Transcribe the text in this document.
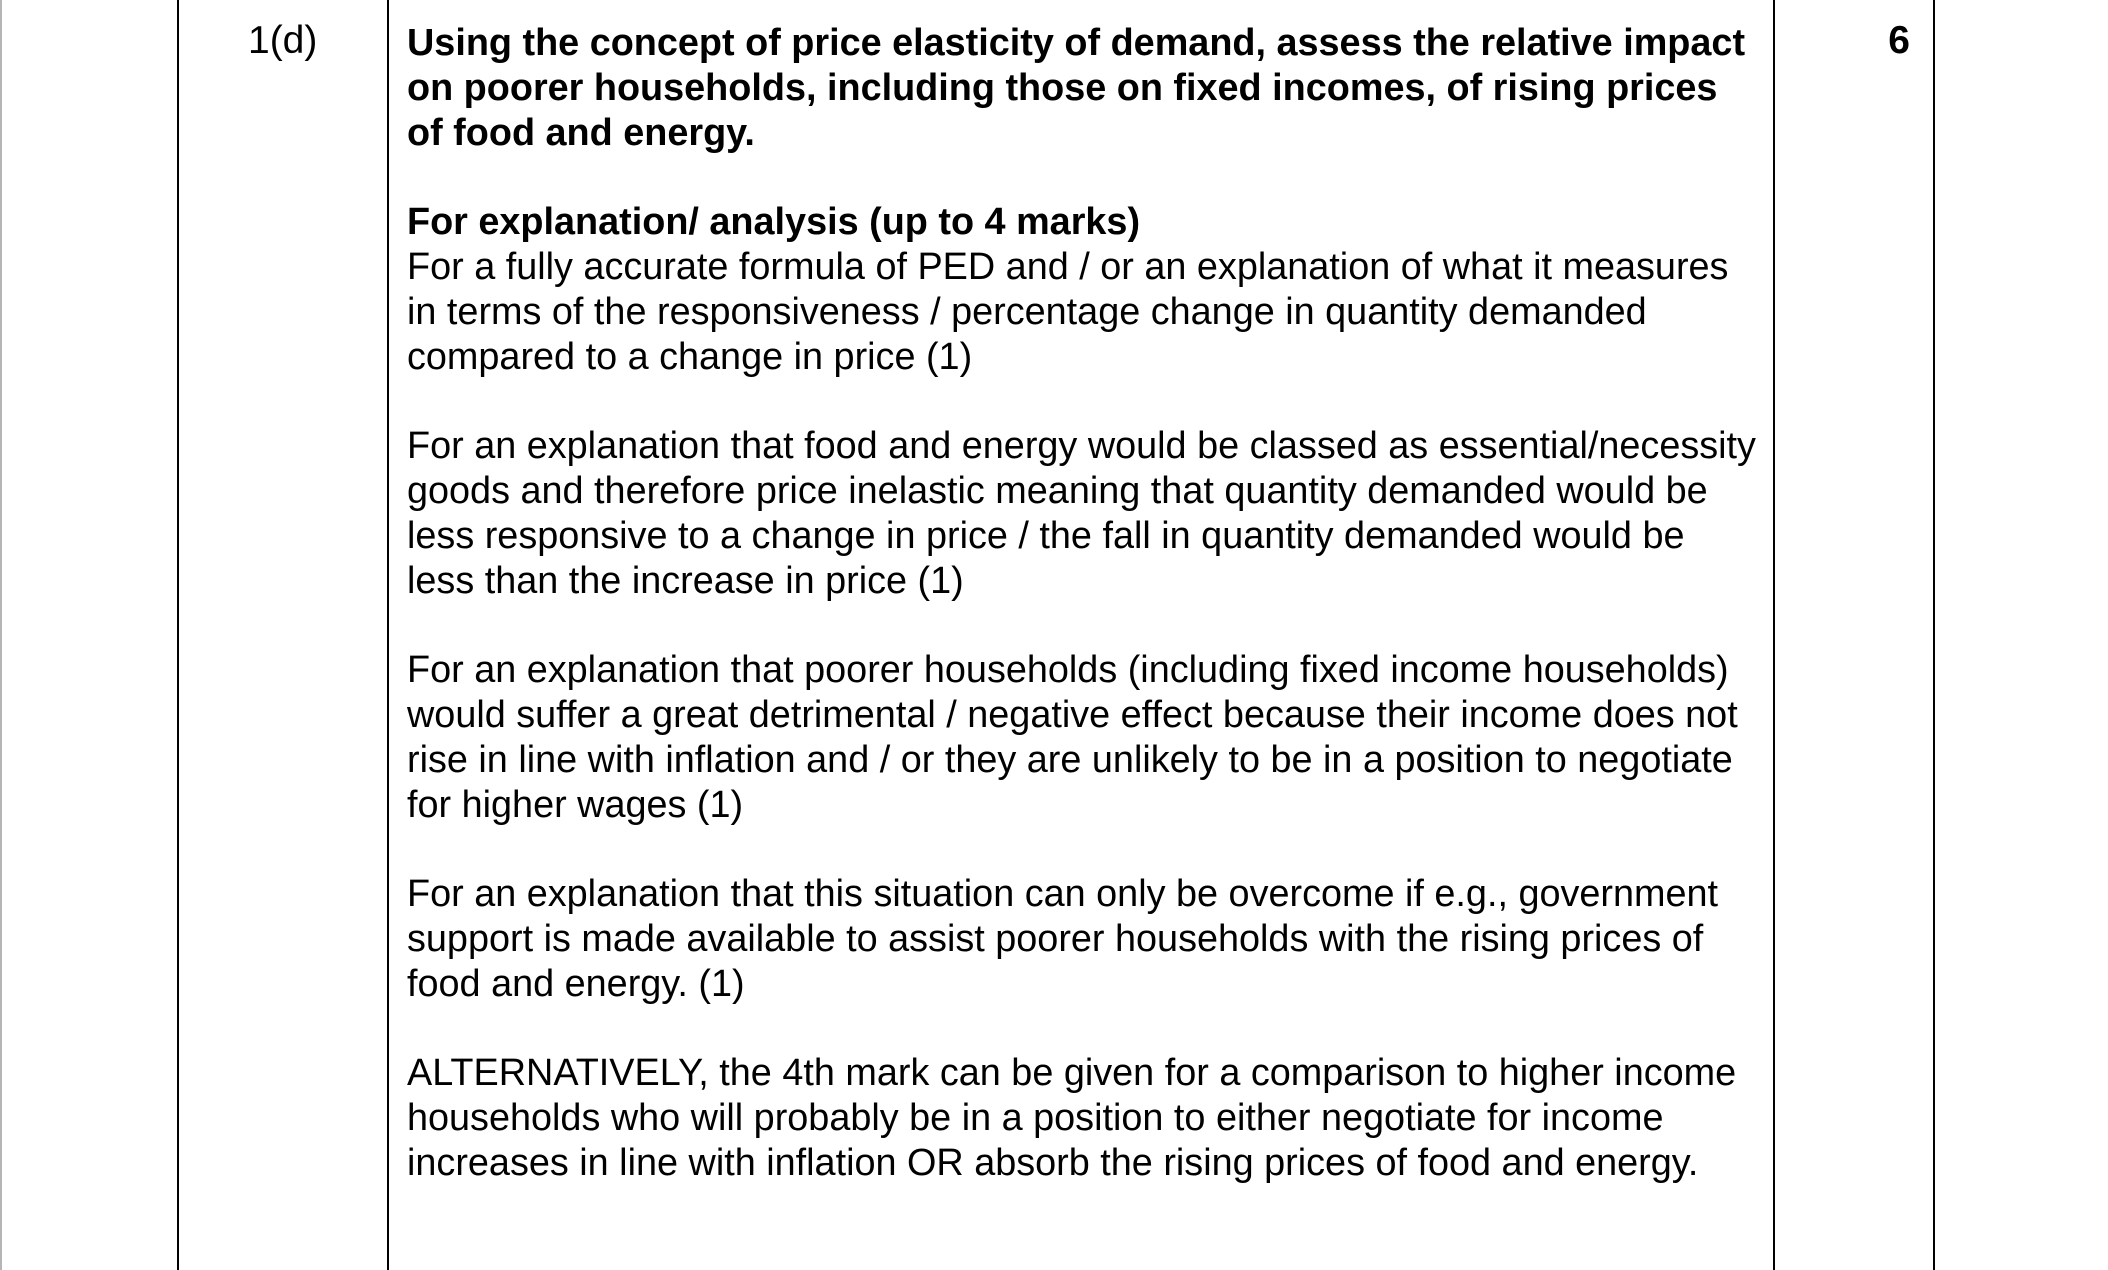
1(d)	6

Using the concept of price elasticity of demand, assess the relative impact on poorer households, including those on fixed incomes, of rising prices of food and energy.

For explanation/ analysis (up to 4 marks)
For a fully accurate formula of PED and / or an explanation of what it measures in terms of the responsiveness / percentage change in quantity demanded compared to a change in price (1)

For an explanation that food and energy would be classed as essential/necessity goods and therefore price inelastic meaning that quantity demanded would be less responsive to a change in price / the fall in quantity demanded would be less than the increase in price (1)

For an explanation that poorer households (including fixed income households) would suffer a great detrimental / negative effect because their income does not rise in line with inflation and / or they are unlikely to be in a position to negotiate for higher wages (1)

For an explanation that this situation can only be overcome if e.g., government support is made available to assist poorer households with the rising prices of food and energy. (1)

ALTERNATIVELY, the 4th mark can be given for a comparison to higher income households who will probably be in a position to either negotiate for income increases in line with inflation OR absorb the rising prices of food and energy.
